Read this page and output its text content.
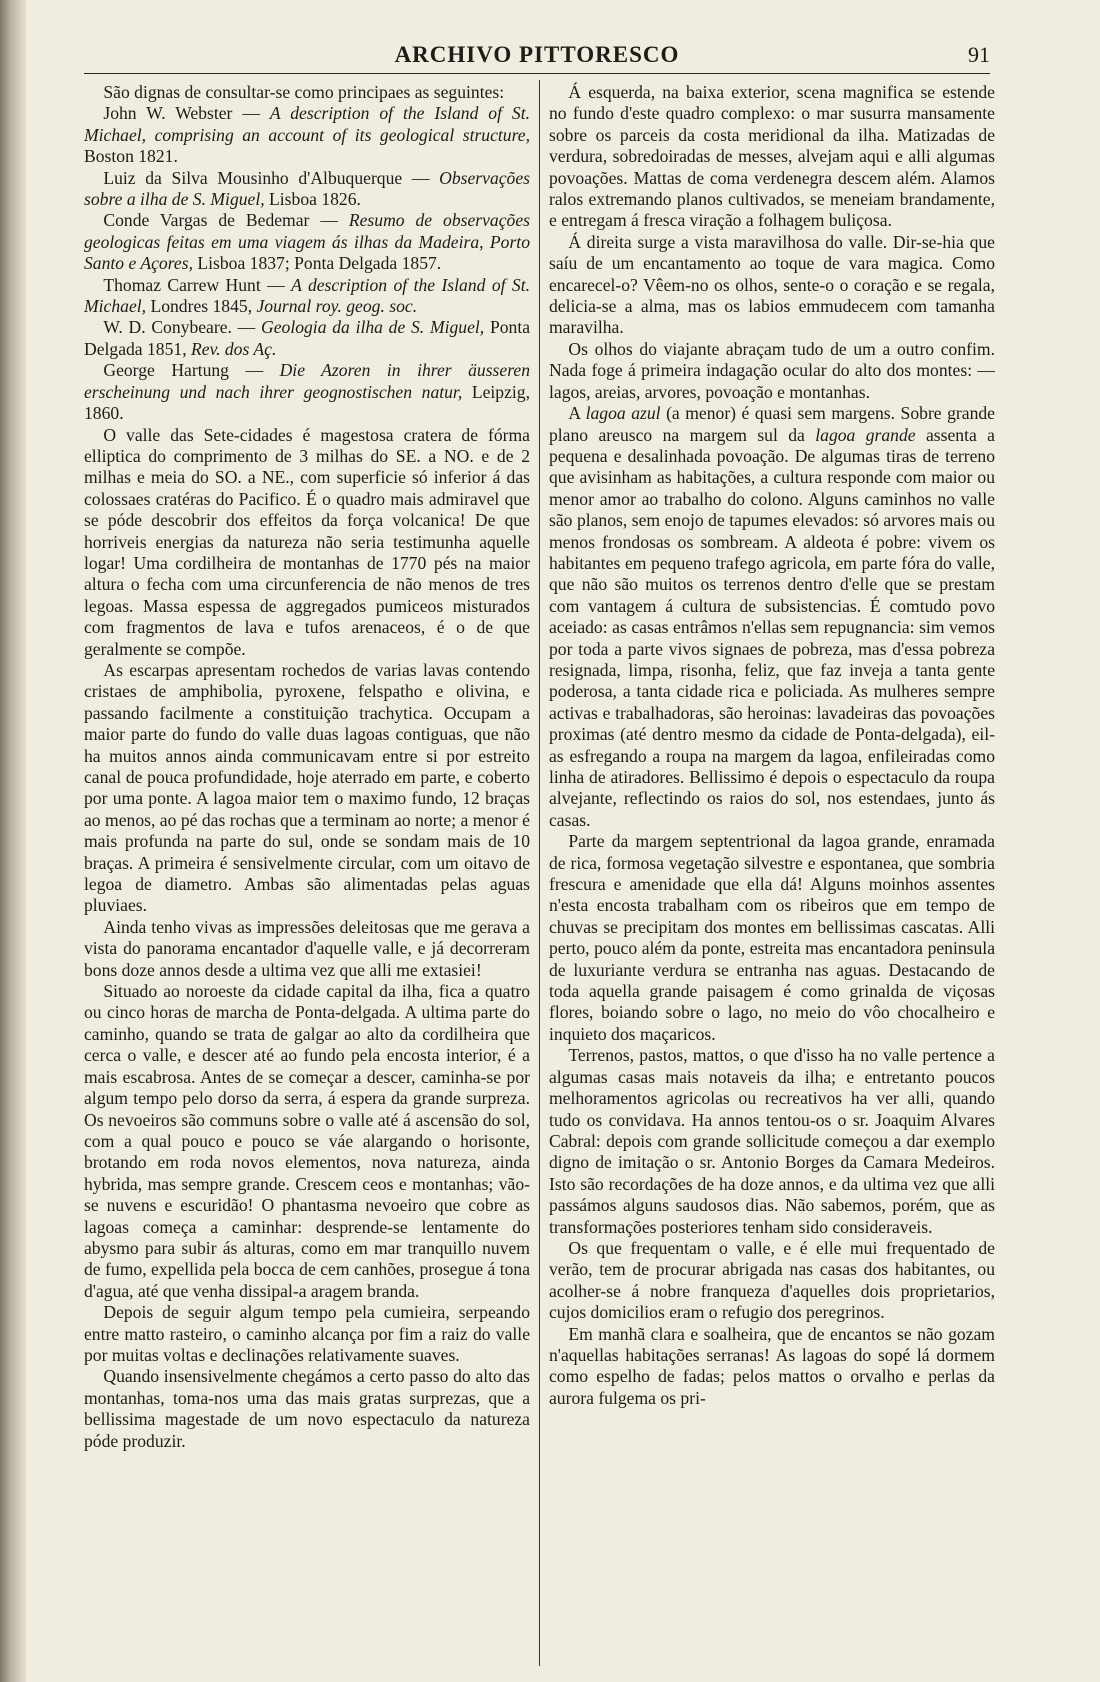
ARCHIVO PITTORESCO	91

São dignas de consultar-se como principaes as seguintes:

John W. Webster — A description of the Island of St. Michael, comprising an account of its geological structure, Boston 1821.

Luiz da Silva Mousinho d'Albuquerque — Observações sobre a ilha de S. Miguel, Lisboa 1826.

Conde Vargas de Bedemar — Resumo de observações geologicas feitas em uma viagem ás ilhas da Madeira, Porto Santo e Açores, Lisboa 1837; Ponta Delgada 1857.

Thomaz Carrew Hunt — A description of the Island of St. Michael, Londres 1845, Journal roy. geog. soc.

W. D. Conybeare. — Geologia da ilha de S. Miguel, Ponta Delgada 1851, Rev. dos Aç.

George Hartung — Die Azoren in ihrer äusseren erscheinung und nach ihrer geognostischen natur, Leipzig, 1860.

O valle das Sete-cidades é magestosa cratera de fórma elliptica do comprimento de 3 milhas do SE. a NO. e de 2 milhas e meia do SO. a NE., com superficie só inferior á das colossaes cratéras do Pacifico. É o quadro mais admiravel que se póde descobrir dos effeitos da força volcanica! De que horriveis energias da natureza não seria testimunha aquelle logar! Uma cordilheira de montanhas de 1770 pés na maior altura o fecha com uma circunferencia de não menos de tres legoas. Massa espessa de aggregados pumiceos misturados com fragmentos de lava e tufos arenaceos, é o de que geralmente se compõe.

As escarpas apresentam rochedos de varias lavas contendo cristaes de amphibolia, pyroxene, felspatho e olivina, e passando facilmente a constituição trachytica. Occupam a maior parte do fundo do valle duas lagoas contiguas, que não ha muitos annos ainda communicavam entre si por estreito canal de pouca profundidade, hoje aterrado em parte, e coberto por uma ponte. A lagoa maior tem o maximo fundo, 12 braças ao menos, ao pé das rochas que a terminam ao norte; a menor é mais profunda na parte do sul, onde se sondam mais de 10 braças. A primeira é sensivelmente circular, com um oitavo de legoa de diametro. Ambas são alimentadas pelas aguas pluviaes.

Ainda tenho vivas as impressões deleitosas que me gerava a vista do panorama encantador d'aquelle valle, e já decorreram bons doze annos desde a ultima vez que alli me extasiei!

Situado ao noroeste da cidade capital da ilha, fica a quatro ou cinco horas de marcha de Ponta-delgada. A ultima parte do caminho, quando se trata de galgar ao alto da cordilheira que cerca o valle, e descer até ao fundo pela encosta interior, é a mais escabrosa. Antes de se começar a descer, caminha-se por algum tempo pelo dorso da serra, á espera da grande surpreza. Os nevoeiros são communs sobre o valle até á ascensão do sol, com a qual pouco e pouco se váe alargando o horisonte, brotando em roda novos elementos, nova natureza, ainda hybrida, mas sempre grande. Crescem ceos e montanhas; vão-se nuvens e escuridão! O phantasma nevoeiro que cobre as lagoas começa a caminhar: desprende-se lentamente do abysmo para subir ás alturas, como em mar tranquillo nuvem de fumo, expellida pela bocca de cem canhões, prosegue á tona d'agua, até que venha dissipal-a aragem branda.

Depois de seguir algum tempo pela cumieira, serpeando entre matto rasteiro, o caminho alcança por fim a raiz do valle por muitas voltas e declinações relativamente suaves.

Quando insensivelmente chegámos a certo passo do alto das montanhas, toma-nos uma das mais gratas surprezas, que a bellissima magestade de um novo espectaculo da natureza póde produzir.

Á esquerda, na baixa exterior, scena magnifica se estende no fundo d'este quadro complexo: o mar susurra mansamente sobre os parceis da costa meridional da ilha. Matizadas de verdura, sobredoiradas de messes, alvejam aqui e alli algumas povoações. Mattas de coma verdenegra descem além. Alamos ralos extremando planos cultivados, se meneiam brandamente, e entregam á fresca viração a folhagem buliçosa.

Á direita surge a vista maravilhosa do valle. Dir-se-hia que saíu de um encantamento ao toque de vara magica. Como encarecel-o? Vêem-no os olhos, sente-o o coração e se regala, delicia-se a alma, mas os labios emmudecem com tamanha maravilha.

Os olhos do viajante abraçam tudo de um a outro confim. Nada foge á primeira indagação ocular do alto dos montes: — lagos, areias, arvores, povoação e montanhas.

A lagoa azul (a menor) é quasi sem margens. Sobre grande plano areusco na margem sul da lagoa grande assenta a pequena e desalinhada povoação. De algumas tiras de terreno que avisinham as habitações, a cultura responde com maior ou menor amor ao trabalho do colono. Alguns caminhos no valle são planos, sem enojo de tapumes elevados: só arvores mais ou menos frondosas os sombream. A aldeota é pobre: vivem os habitantes em pequeno trafego agricola, em parte fóra do valle, que não são muitos os terrenos dentro d'elle que se prestam com vantagem á cultura de subsistencias. É comtudo povo aceiado: as casas entrâmos n'ellas sem repugnancia: sim vemos por toda a parte vivos signaes de pobreza, mas d'essa pobreza resignada, limpa, risonha, feliz, que faz inveja a tanta gente poderosa, a tanta cidade rica e policiada. As mulheres sempre activas e trabalhadoras, são heroinas: lavadeiras das povoações proximas (até dentro mesmo da cidade de Ponta-delgada), eil-as esfregando a roupa na margem da lagoa, enfileiradas como linha de atiradores. Bellissimo é depois o espectaculo da roupa alvejante, reflectindo os raios do sol, nos estendaes, junto ás casas.

Parte da margem septentrional da lagoa grande, enramada de rica, formosa vegetação silvestre e espontanea, que sombria frescura e amenidade que ella dá! Alguns moinhos assentes n'esta encosta trabalham com os ribeiros que em tempo de chuvas se precipitam dos montes em bellissimas cascatas. Alli perto, pouco além da ponte, estreita mas encantadora peninsula de luxuriante verdura se entranha nas aguas. Destacando de toda aquella grande paisagem é como grinalda de viçosas flores, boiando sobre o lago, no meio do vôo chocalheiro e inquieto dos maçaricos.

Terrenos, pastos, mattos, o que d'isso ha no valle pertence a algumas casas mais notaveis da ilha; e entretanto poucos melhoramentos agricolas ou recreativos ha ver alli, quando tudo os convidava. Ha annos tentou-os o sr. Joaquim Alvares Cabral: depois com grande sollicitude começou a dar exemplo digno de imitação o sr. Antonio Borges da Camara Medeiros. Isto são recordações de ha doze annos, e da ultima vez que alli passámos alguns saudosos dias. Não sabemos, porém, que as transformações posteriores tenham sido consideraveis.

Os que frequentam o valle, e é elle mui frequentado de verão, tem de procurar abrigada nas casas dos habitantes, ou acolher-se á nobre franqueza d'aquelles dois proprietarios, cujos domicilios eram o refugio dos peregrinos.

Em manhã clara e soalheira, que de encantos se não gozam n'aquellas habitações serranas! As lagoas do sopé lá dormem como espelho de fadas; pelos mattos o orvalho e perlas da aurora fulgema os pri-
